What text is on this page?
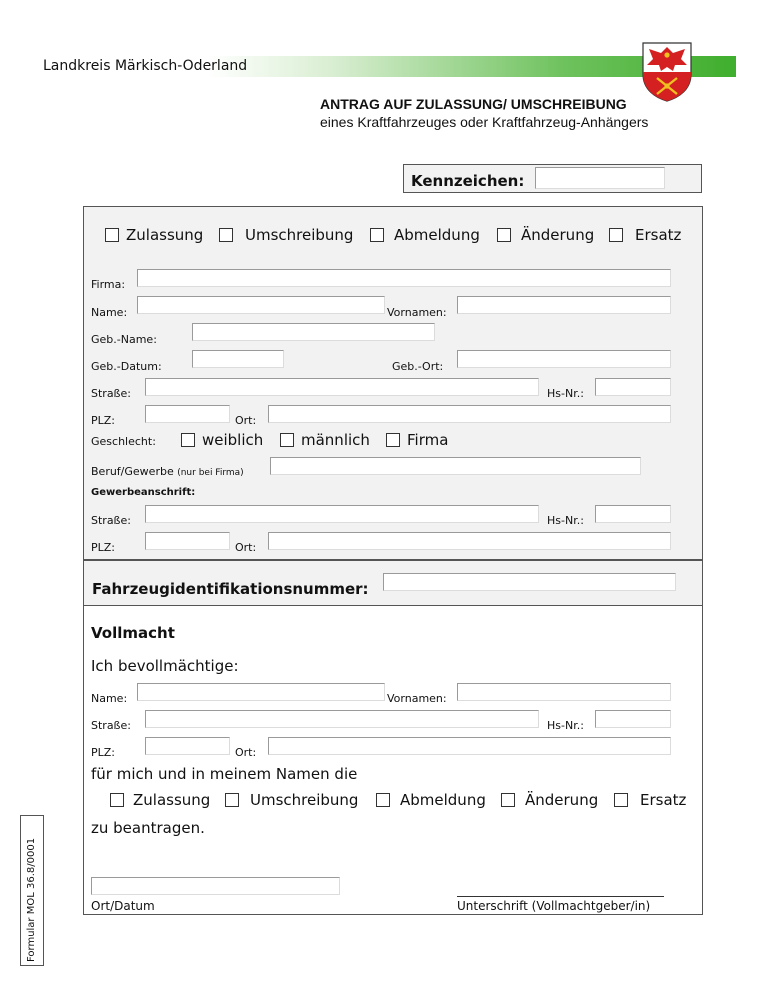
Landkreis Märkisch-Oderland
ANTRAG AUF ZULASSUNG/ UMSCHREIBUNG
eines Kraftfahrzeuges oder Kraftfahrzeug-Anhängers
Kennzeichen:
Zulassung	Umschreibung	Abmeldung	Änderung	Ersatz
Firma:
Name:	Vornamen:
Geb.-Name:
Geb.-Datum:	Geb.-Ort:
Straße:	Hs-Nr.:
PLZ:	Ort:
Geschlecht:	weiblich	männlich Firma
Beruf/Gewerbe (nur bei Firma)
Gewerbeanschrift:
Straße:	Hs-Nr.:
PLZ:	Ort:
Fahrzeugidentifikationsnummer:
Vollmacht
Ich bevollmächtige:
Name:	Vornamen:
Straße:	Hs-Nr.:
PLZ:	Ort:
für mich und in meinem Namen die
Zulassung	Umschreibung	Abmeldung	Änderung	Ersatz
zu beantragen.
Ort/Datum	Unterschrift (Vollmachtgeber/in)
Formular MOL 36.8/0001
